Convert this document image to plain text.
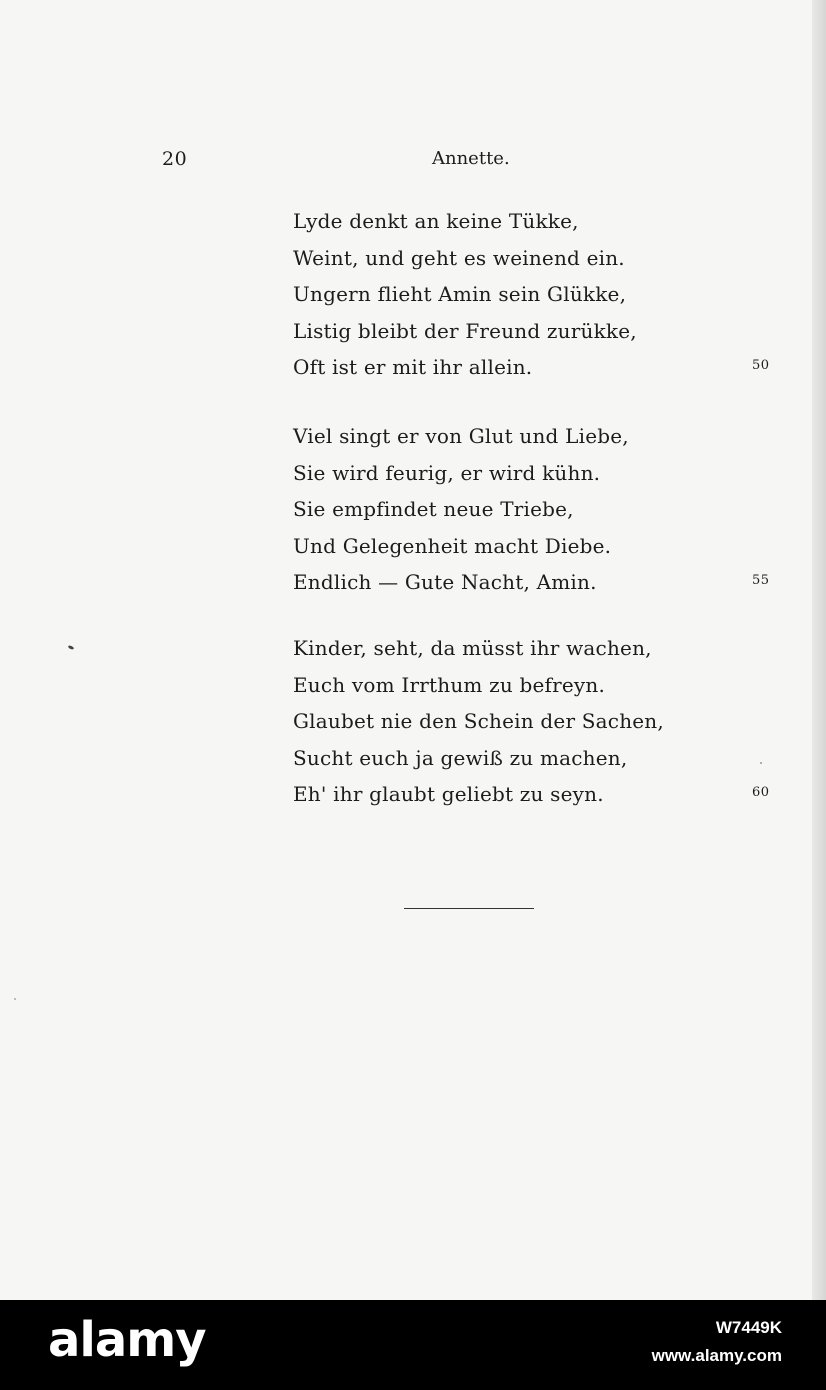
20	Annette.
Lyde denkt an keine Tükke,
Weint, und geht es weinend ein.
Ungern flieht Amin sein Glükke,
Listig bleibt der Freund zurükke,
Oft ist er mit ihr allein.	50
Viel singt er von Glut und Liebe,
Sie wird feurig, er wird kühn.
Sie empfindet neue Triebe,
Und Gelegenheit macht Diebe.
Endlich — Gute Nacht, Amin.	55
Kinder, seht, da müsst ihr wachen,
Euch vom Irrthum zu befreyn.
Glaubet nie den Schein der Sachen,
Sucht euch ja gewiß zu machen,
Eh' ihr glaubt geliebt zu seyn.	60
alamy	W7449K
www.alamy.com
